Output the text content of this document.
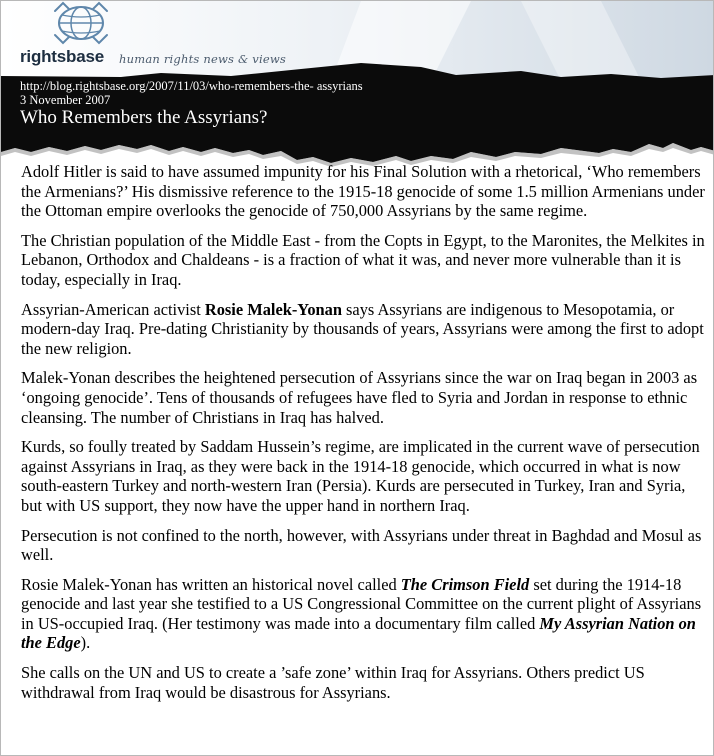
rightsbase human rights news & views
http://blog.rightsbase.org/2007/11/03/who-remembers-the- assyrians
3 November 2007
Who Remembers the Assyrians?

Adolf Hitler is said to have assumed impunity for his Final Solution with a rhetorical, ‘Who remembers the Armenians?’ His dismissive reference to the 1915-18 genocide of some 1.5 million Armenians under the Ottoman empire overlooks the genocide of 750,000 Assyrians by the same regime.

The Christian population of the Middle East - from the Copts in Egypt, to the Maronites, the Melkites in Lebanon, Orthodox and Chaldeans - is a fraction of what it was, and never more vulnerable than it is today, especially in Iraq.

Assyrian-American activist Rosie Malek-Yonan says Assyrians are indigenous to Mesopotamia, or modern-day Iraq. Pre-dating Christianity by thousands of years, Assyrians were among the first to adopt the new religion.

Malek-Yonan describes the heightened persecution of Assyrians since the war on Iraq began in 2003 as ‘ongoing genocide’. Tens of thousands of refugees have fled to Syria and Jordan in response to ethnic cleansing. The number of Christians in Iraq has halved.

Kurds, so foully treated by Saddam Hussein’s regime, are implicated in the current wave of persecution against Assyrians in Iraq, as they were back in the 1914-18 genocide, which occurred in what is now south-eastern Turkey and north-western Iran (Persia). Kurds are persecuted in Turkey, Iran and Syria, but with US support, they now have the upper hand in northern Iraq.

Persecution is not confined to the north, however, with Assyrians under threat in Baghdad and Mosul as well.

Rosie Malek-Yonan has written an historical novel called The Crimson Field set during the 1914-18 genocide and last year she testified to a US Congressional Committee on the current plight of Assyrians in US-occupied Iraq. (Her testimony was made into a documentary film called My Assyrian Nation on the Edge).

She calls on the UN and US to create a ’safe zone’ within Iraq for Assyrians. Others predict US withdrawal from Iraq would be disastrous for Assyrians.
